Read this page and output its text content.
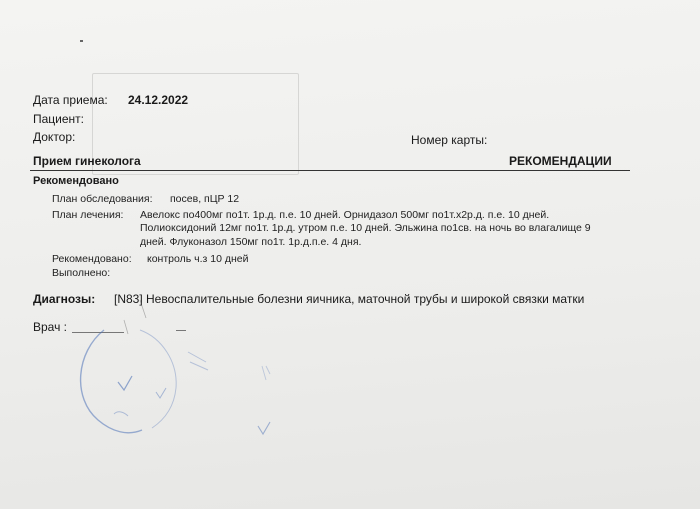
Дата приема: 24.12.2022
Пациент:
Доктор:	Номер карты:
Прием гинеколога	РЕКОМЕНДАЦИИ
Рекомендовано
План обследования: посев, пЦР 12
План лечения: Авелокс по400мг по1т. 1р.д. п.е. 10 дней. Орнидазол 500мг по1т.х2р.д. п.е. 10 дней.
Полиоксидоний 12мг по1т. 1р.д. утром п.е. 10 дней. Эльжина по1св. на ночь во влагалище 9
дней. Флуконазол 150мг по1т. 1р.д.п.е. 4 дня.
Рекомендовано: контроль ч.з 10 дней
Выполнено:
Диагнозы: [N83] Невоспалительные болезни яичника, маточной трубы и широкой связки матки
Врач :
